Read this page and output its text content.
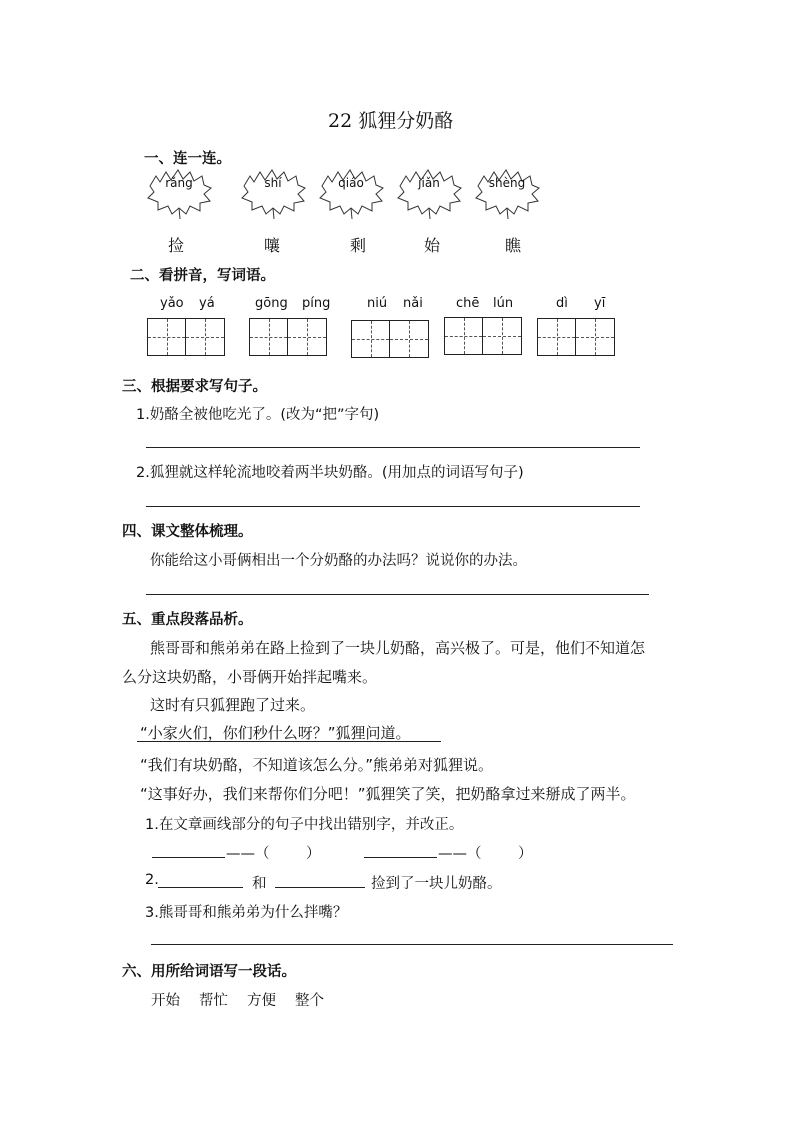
22 狐狸分奶酪
一、连一连。
rǎng	shí	qiáo	jiǎn	shèng
捡	嚷	剩	始	瞧
二、看拼音，写词语。
yǎo yá	gōng píng	niú nǎi	chē lún	dì yī
三、根据要求写句子。
1.奶酪全被他吃光了。(改为“把”字句)
2.狐狸就这样轮流地咬着两半块奶酪。(用加点的词语写句子)
四、课文整体梳理。
你能给这小哥俩相出一个分奶酪的办法吗？说说你的办法。
五、重点段落品析。
熊哥哥和熊弟弟在路上捡到了一块儿奶酪，高兴极了。可是，他们不知道怎
么分这块奶酪，小哥俩开始拌起嘴来。
这时有只狐狸跑了过来。
“小家火们，你们秒什么呀？”狐狸问道。
“我们有块奶酪，不知道该怎么分。”熊弟弟对狐狸说。
“这事好办，我们来帮你们分吧！”狐狸笑了笑，把奶酪拿过来掰成了两半。
1.在文章画线部分的句子中找出错别字，并改正。
——（	）	——（	）
2.	和	捡到了一块儿奶酪。
3.熊哥哥和熊弟弟为什么拌嘴？
六、用所给词语写一段话。
开始 帮忙 方便 整个
